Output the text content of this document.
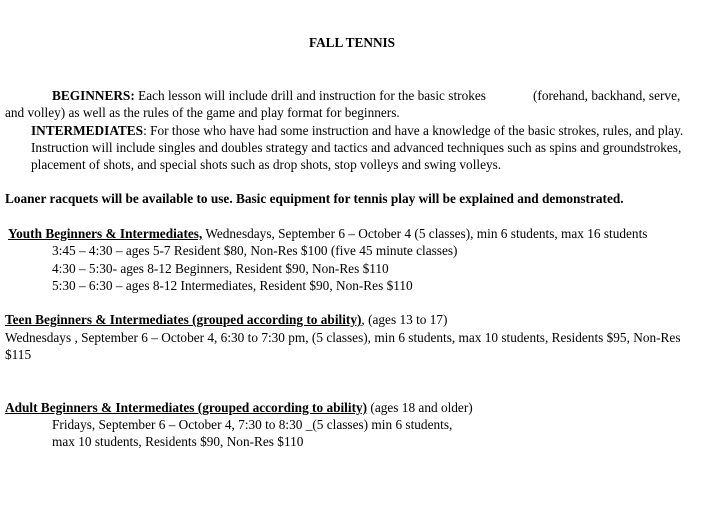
FALL TENNIS
BEGINNERS: Each lesson will include drill and instruction for the basic strokes	(forehand, backhand, serve,
and volley) as well as the rules of the game and play format for beginners.
INTERMEDIATES: For those who have had some instruction and have a knowledge of the basic strokes, rules, and play.
Instruction will include singles and doubles strategy and tactics and advanced techniques such as spins and groundstrokes,
placement of shots, and special shots such as drop shots, stop volleys and swing volleys.
Loaner racquets will be available to use. Basic equipment for tennis play will be explained and demonstrated.
Youth Beginners & Intermediates, Wednesdays, September 6 – October 4 (5 classes), min 6 students, max 16 students
3:45 – 4:30 – ages 5-7 Resident $80, Non-Res $100 (five 45 minute classes)
4:30 – 5:30- ages 8-12 Beginners, Resident $90, Non-Res $110
5:30 – 6:30 – ages 8-12 Intermediates, Resident $90, Non-Res $110
Teen Beginners & Intermediates (grouped according to ability), (ages 13 to 17)
Wednesdays , September 6 – October 4, 6:30 to 7:30 pm, (5 classes), min 6 students, max 10 students, Residents $95, Non-Res
$115
Adult Beginners & Intermediates (grouped according to ability) (ages 18 and older)
Fridays, September 6 – October 4, 7:30 to 8:30 _(5 classes) min 6 students,
max 10 students, Residents $90, Non-Res $110
